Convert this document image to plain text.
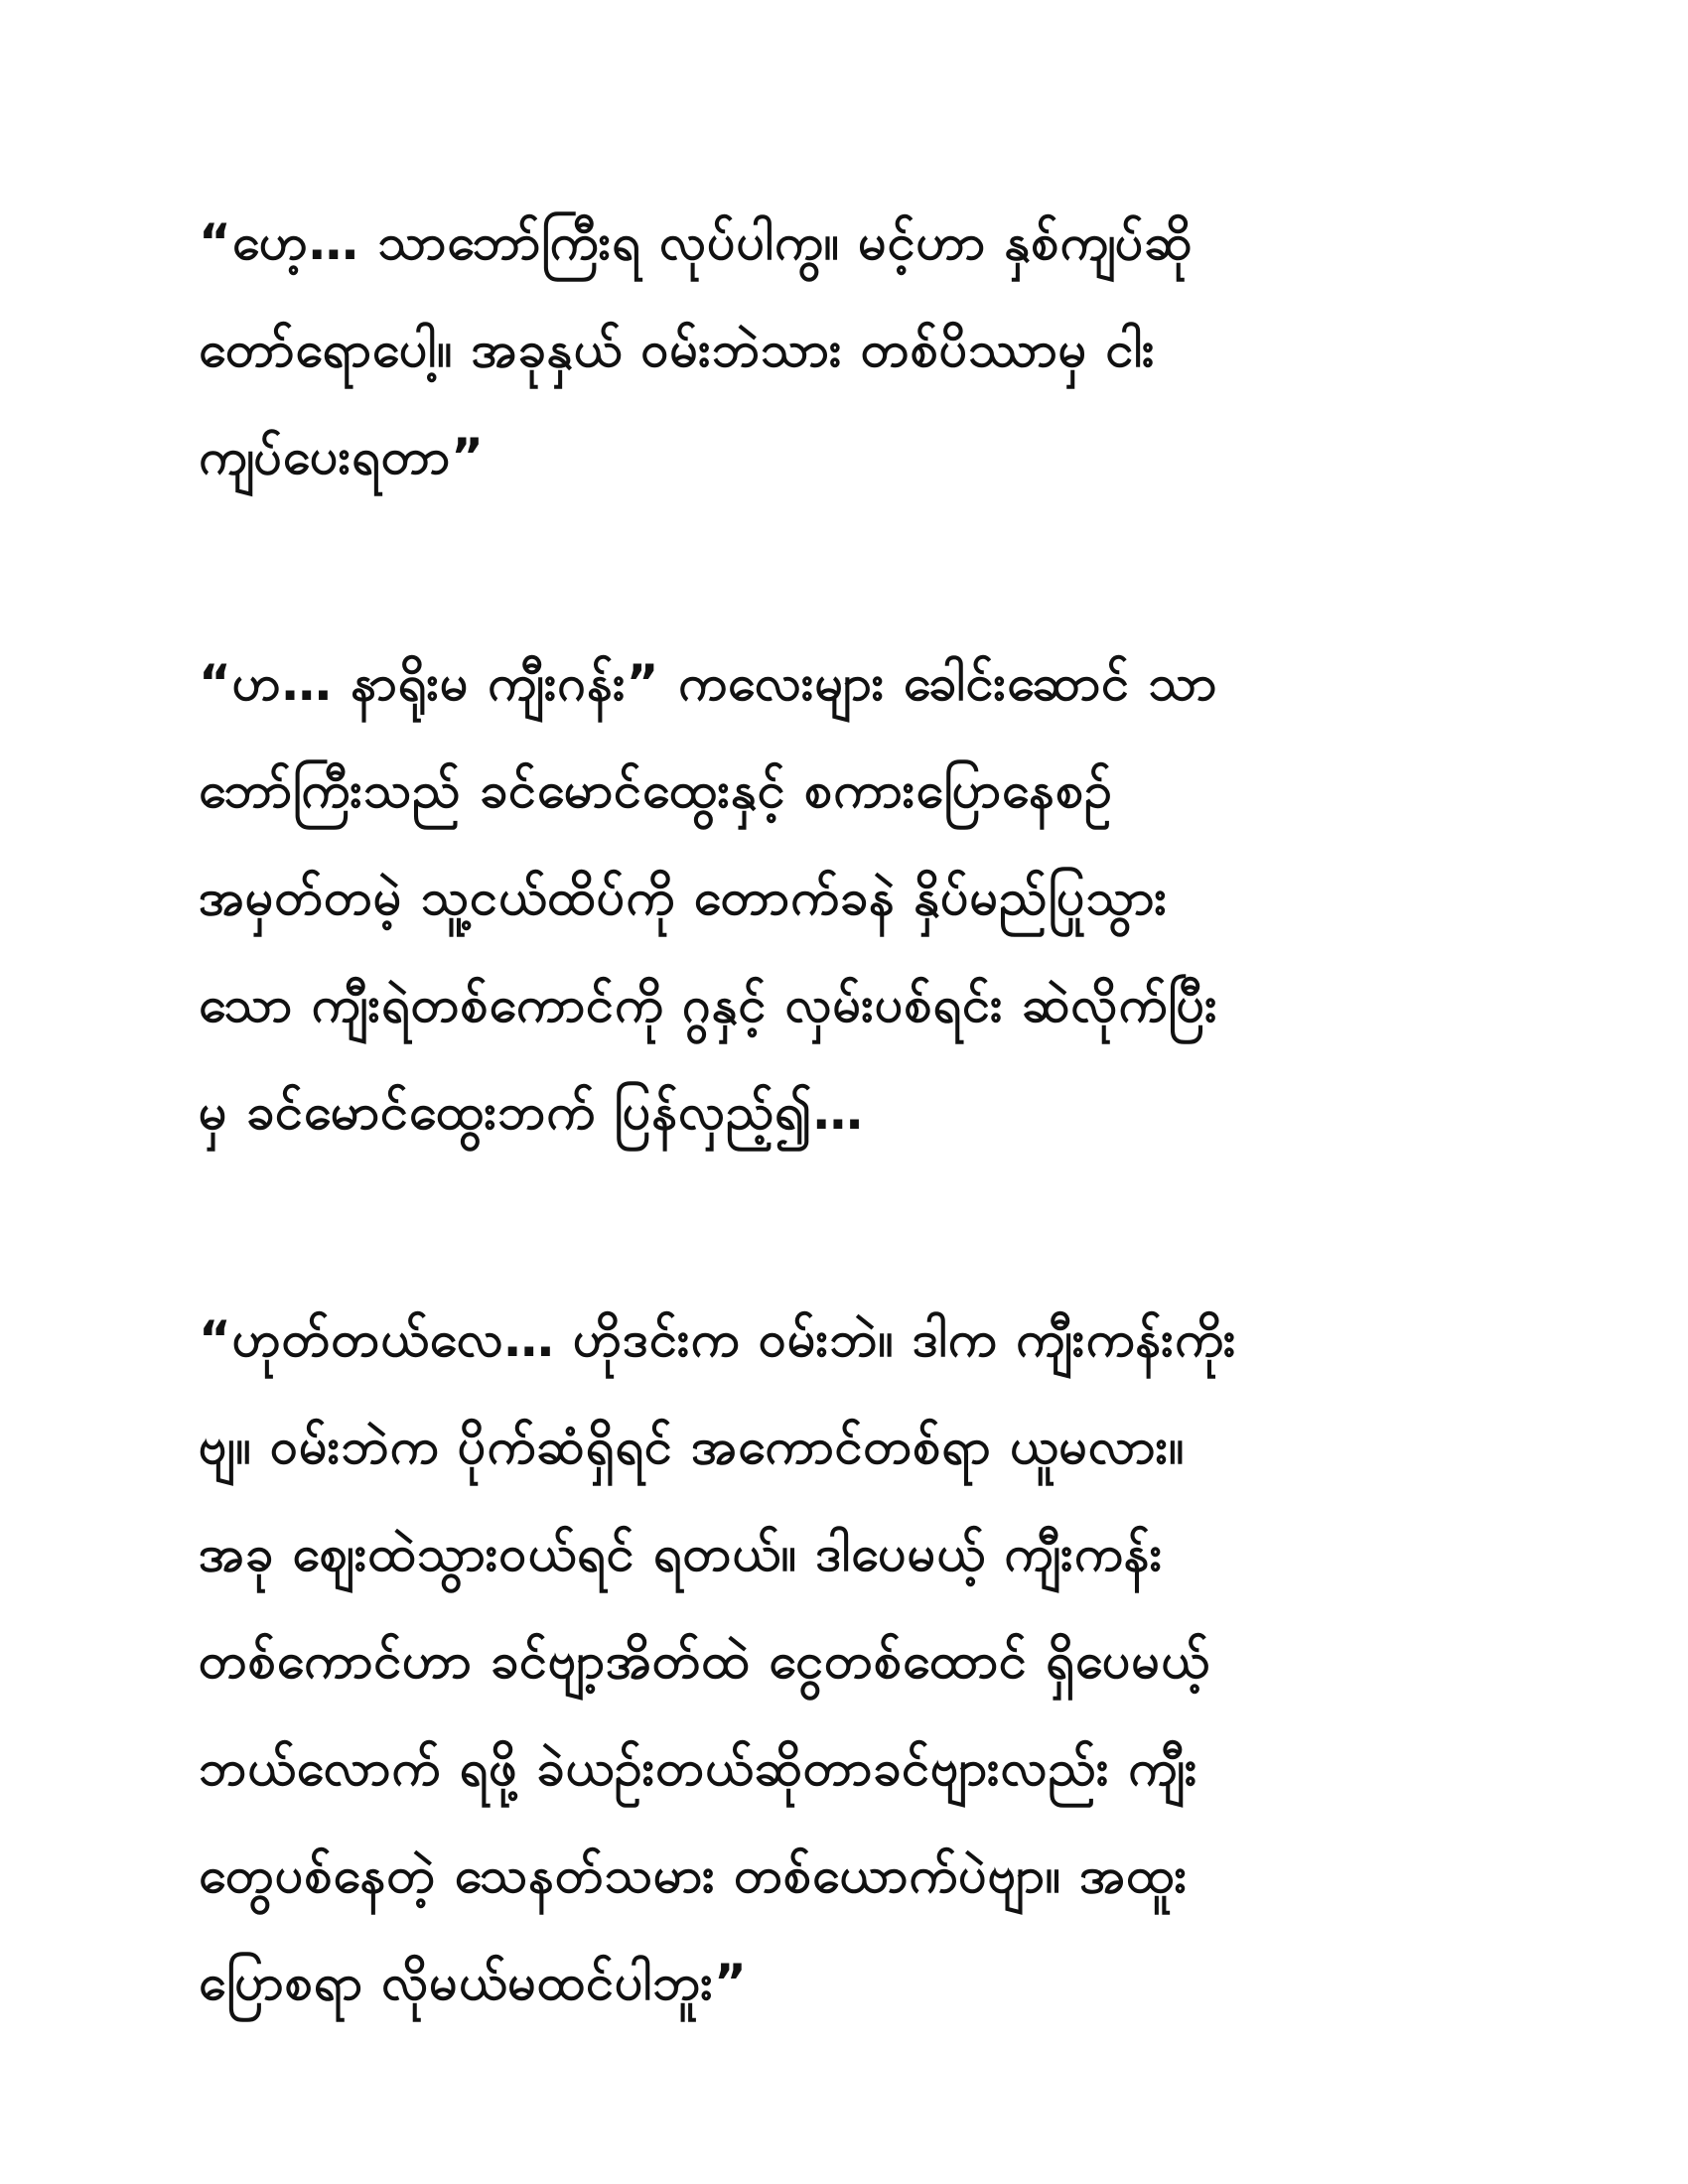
“ဟေ့… သာဘော်ကြီးရ လုပ်ပါကွ။ မင့်ဟာ နှစ်ကျပ်ဆို
တော်ရောပေါ့။ အခုနှယ် ဝမ်းဘဲသား တစ်ပိဿာမှ ငါး
ကျပ်ပေးရတာ”
“ဟ… နာရိုးမ ကျီးဂန်း” ကလေးများ ခေါင်းဆောင် သာ
ဘော်ကြီးသည် ခင်မောင်ထွေးနှင့် စကားပြောနေစဉ်
အမှတ်တမဲ့ သူ့ငယ်ထိပ်ကို တောက်ခနဲ နှိပ်မည်ပြုသွား
သော ကျီးရဲတစ်ကောင်ကို ဂွနှင့် လှမ်းပစ်ရင်း ဆဲလိုက်ပြီး
မှ ခင်မောင်ထွေးဘက် ပြန်လှည့်၍…
“ဟုတ်တယ်လေ… ဟိုဒင်းက ဝမ်းဘဲ။ ဒါက ကျီးကန်းကိုး
ဗျ။ ဝမ်းဘဲက ပိုက်ဆံရှိရင် အကောင်တစ်ရာ ယူမလား။
အခု ဈေးထဲသွားဝယ်ရင် ရတယ်။ ဒါပေမယ့် ကျီးကန်း
တစ်ကောင်ဟာ ခင်ဗျာ့အိတ်ထဲ ငွေတစ်ထောင် ရှိပေမယ့်
ဘယ်လောက် ရဖို့ ခဲယဉ်းတယ်ဆိုတာခင်ဗျားလည်း ကျီး
တွေပစ်နေတဲ့ သေနတ်သမား တစ်ယောက်ပဲဗျာ။ အထူး
ပြောစရာ လိုမယ်မထင်ပါဘူး”
